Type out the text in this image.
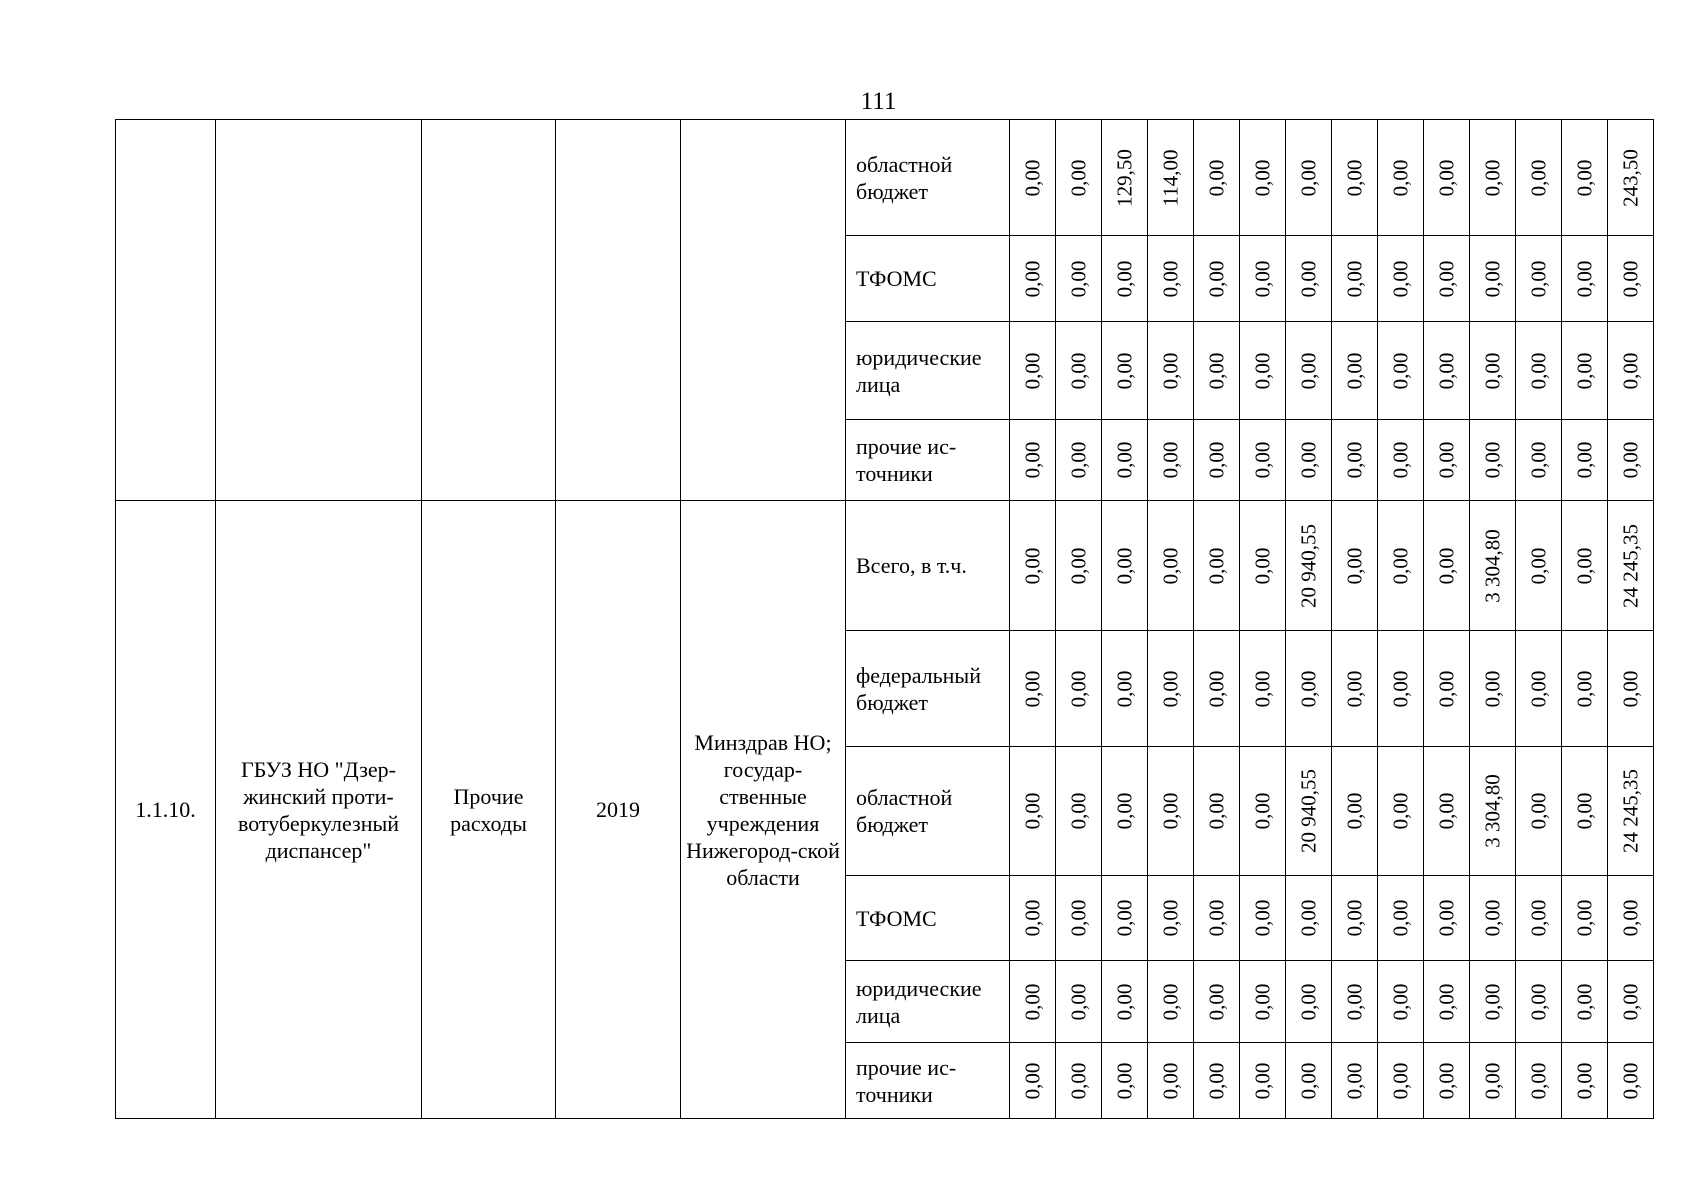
111
					областной бюджет	0,00	0,00	129,50	114,00	0,00	0,00	0,00	0,00	0,00	0,00	0,00	0,00	0,00	243,50

					ТФОМС	0,00	0,00	0,00	0,00	0,00	0,00	0,00	0,00	0,00	0,00	0,00	0,00	0,00	0,00

					юридические лица	0,00	0,00	0,00	0,00	0,00	0,00	0,00	0,00	0,00	0,00	0,00	0,00	0,00	0,00

					прочие ис-точники	0,00	0,00	0,00	0,00	0,00	0,00	0,00	0,00	0,00	0,00	0,00	0,00	0,00	0,00

1.1.10.	ГБУЗ НО "Дзер-жинский проти-вотуберкулезный диспансер"	Прочие расходы	2019	Минздрав НО; государ-ственные учреждения Нижегород-ской области	Всего, в т.ч.	0,00	0,00	0,00	0,00	0,00	0,00	20 940,55	0,00	0,00	0,00	3 304,80	0,00	0,00	24 245,35

					федеральный бюджет	0,00	0,00	0,00	0,00	0,00	0,00	0,00	0,00	0,00	0,00	0,00	0,00	0,00	0,00

					областной бюджет	0,00	0,00	0,00	0,00	0,00	0,00	20 940,55	0,00	0,00	0,00	3 304,80	0,00	0,00	24 245,35

					ТФОМС	0,00	0,00	0,00	0,00	0,00	0,00	0,00	0,00	0,00	0,00	0,00	0,00	0,00	0,00

					юридические лица	0,00	0,00	0,00	0,00	0,00	0,00	0,00	0,00	0,00	0,00	0,00	0,00	0,00	0,00

					прочие ис-точники	0,00	0,00	0,00	0,00	0,00	0,00	0,00	0,00	0,00	0,00	0,00	0,00	0,00	0,00
